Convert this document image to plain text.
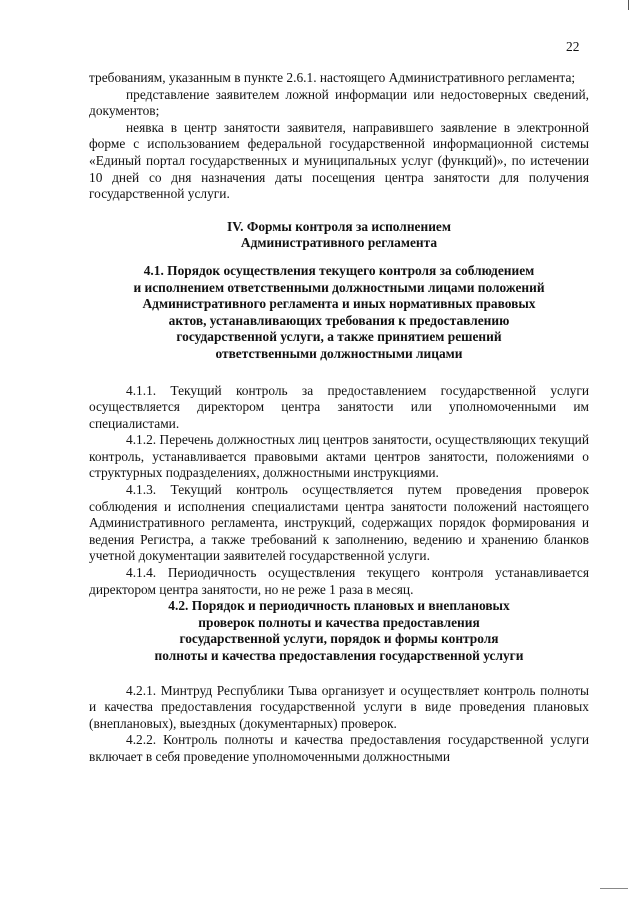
22

требованиям, указанным в пункте 2.6.1. настоящего Административного регламента;

представление заявителем ложной информации или недостоверных сведений, документов;

неявка в центр занятости заявителя, направившего заявление в электронной форме с использованием федеральной государственной информационной системы «Единый портал государственных и муниципальных услуг (функций)», по истечении 10 дней со дня назначения даты посещения центра занятости для получения государственной услуги.

IV. Формы контроля за исполнением

Административного регламента

4.1. Порядок осуществления текущего контроля за соблюдением

и исполнением ответственными должностными лицами положений

Административного регламента и иных нормативных правовых

актов, устанавливающих требования к предоставлению

государственной услуги, а также принятием решений

ответственными должностными лицами

4.1.1. Текущий контроль за предоставлением государственной услуги осуществляется директором центра занятости или уполномоченными им специалистами.

4.1.2. Перечень должностных лиц центров занятости, осуществляющих текущий контроль, устанавливается правовыми актами центров занятости, положениями о структурных подразделениях, должностными инструкциями.

4.1.3. Текущий контроль осуществляется путем проведения проверок соблюдения и исполнения специалистами центра занятости положений настоящего Административного регламента, инструкций, содержащих порядок формирования и ведения Регистра, а также требований к заполнению, ведению и хранению бланков учетной документации заявителей государственной услуги.

4.1.4. Периодичность осуществления текущего контроля устанавливается директором центра занятости, но не реже 1 раза в месяц.

4.2. Порядок и периодичность плановых и внеплановых

проверок полноты и качества предоставления

государственной услуги, порядок и формы контроля

полноты и качества предоставления государственной услуги

4.2.1. Минтруд Республики Тыва организует и осуществляет контроль полноты и качества предоставления государственной услуги в виде проведения плановых (внеплановых), выездных (документарных) проверок.

4.2.2. Контроль полноты и качества предоставления государственной услуги включает в себя проведение уполномоченными должностными
